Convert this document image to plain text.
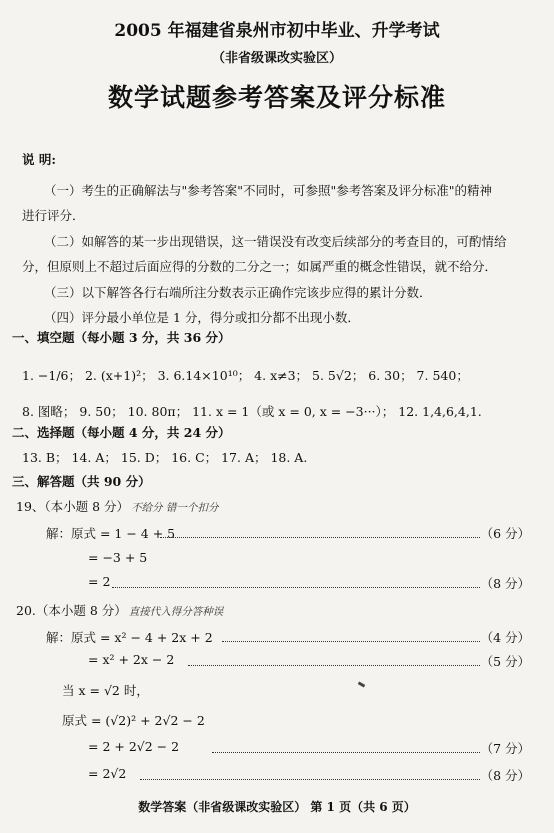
2005 年福建省泉州市初中毕业、升学考试
（非省级课改实验区）
数学试题参考答案及评分标准
说 明:
（一）考生的正确解法与"参考答案"不同时，可参照"参考答案及评分标准"的精神
进行评分．
（二）如解答的某一步出现错误，这一错误没有改变后续部分的考查目的，可酌情给
分，但原则上不超过后面应得的分数的二分之一；如属严重的概念性错误，就不给分．
（三）以下解答各行右端所注分数表示正确作完该步应得的累计分数．
（四）评分最小单位是 1 分，得分或扣分都不出现小数．
一、填空题（每小题 3 分，共 36 分）
1. −1/6； 2. (x+1)²； 3. 6.14×10¹⁰； 4. x≠3； 5. 5√2； 6. 30； 7. 540；
8. 图略； 9. 50； 10. 80π； 11. x = 1（或 x = 0, x = −3···）； 12. 1,4,6,4,1.
二、选择题（每小题 4 分，共 24 分）
13. B； 14. A； 15. D； 16. C； 17. A； 18. A.
三、解答题（共 90 分）
19、（本小题 8 分） 不给分 错一个扣分
解：原式 = 1 − 4 + 5	（6 分）
= −3 + 5
= 2	（8 分）
20.（本小题 8 分） 直接代入得分答种误
解：原式 = x² − 4 + 2x + 2	（4 分）
= x² + 2x − 2	（5 分）
当 x = √2 时，
原式 = (√2)² + 2√2 − 2
= 2 + 2√2 − 2	（7 分）
= 2√2	（8 分）
数学答案（非省级课改实验区） 第 1 页（共 6 页）
